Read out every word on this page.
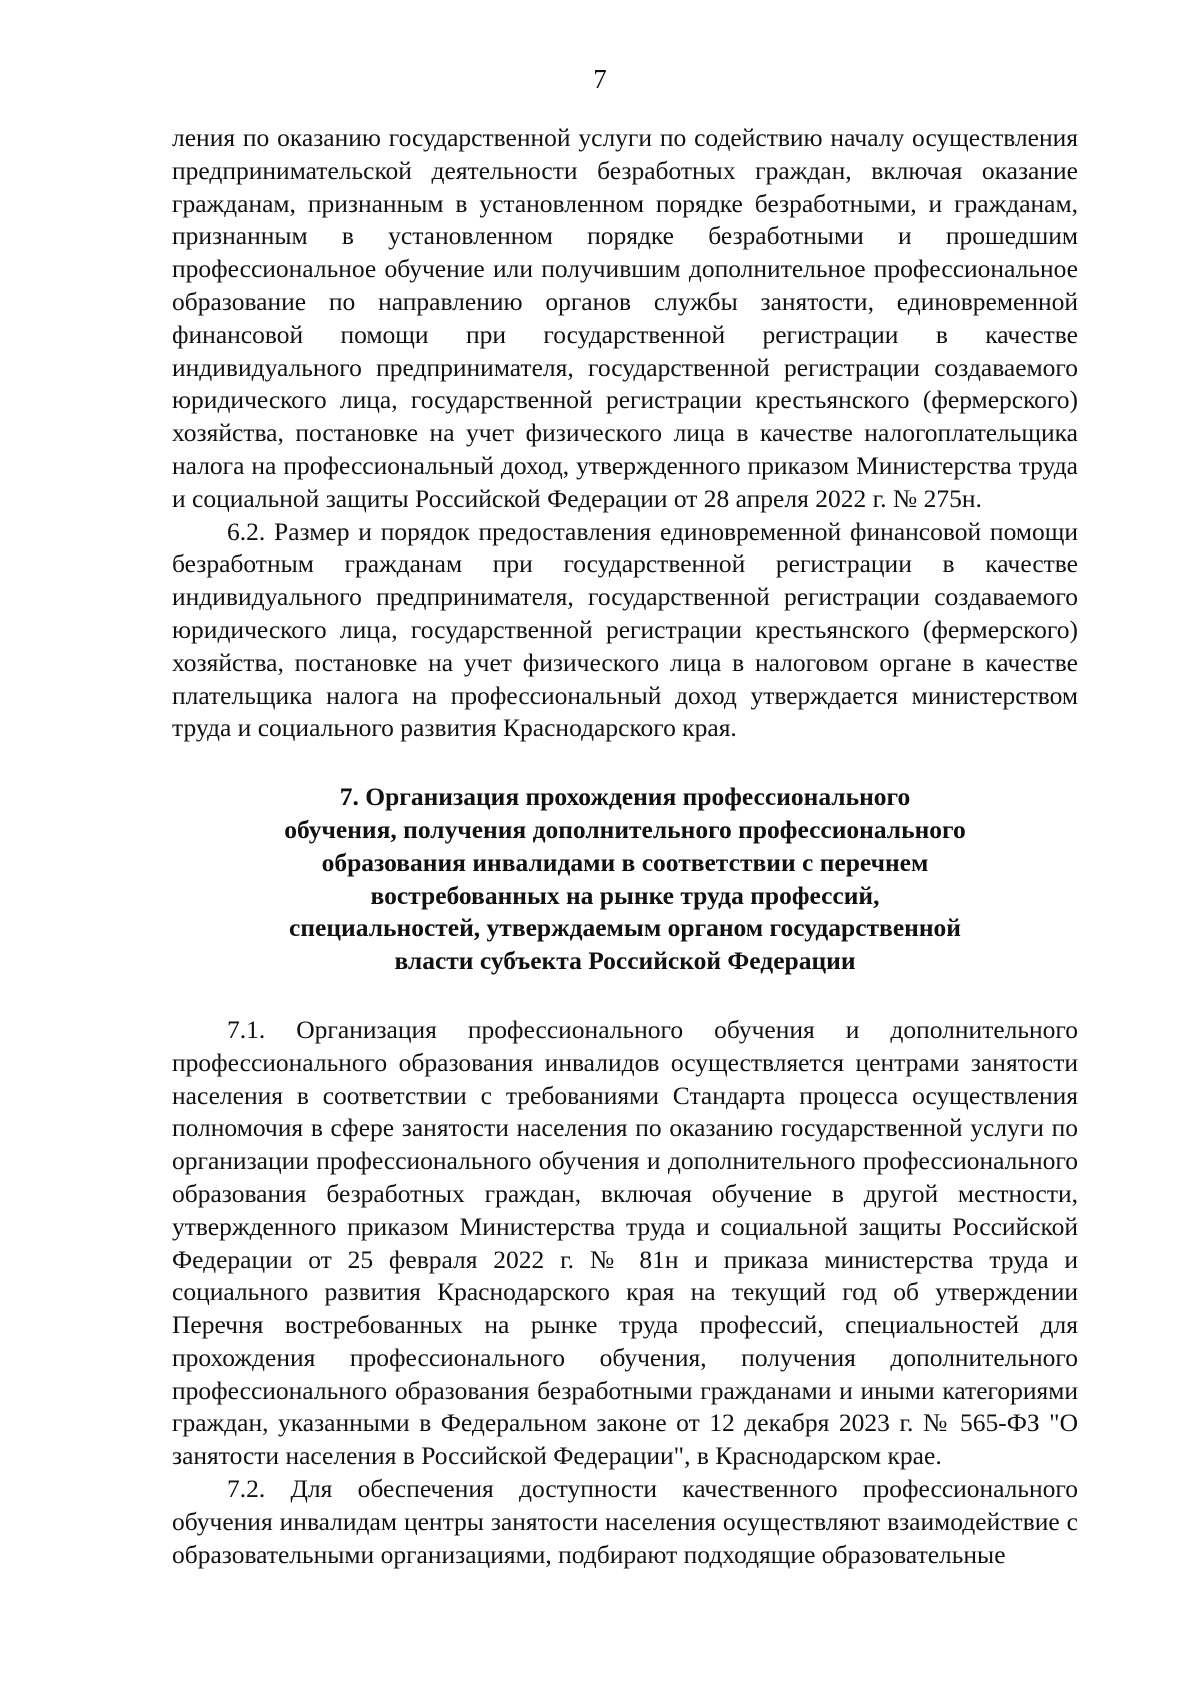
7

ления по оказанию государственной услуги по содействию началу осуществления предпринимательской деятельности безработных граждан, включая оказание гражданам, признанным в установленном порядке безработными, и гражданам, признанным в установленном порядке безработными и прошедшим профессиональное обучение или получившим дополнительное профессиональное образование по направлению органов службы занятости, единовременной финансовой помощи при государственной регистрации в качестве индивидуального предпринимателя, государственной регистрации создаваемого юридического лица, государственной регистрации крестьянского (фермерского) хозяйства, постановке на учет физического лица в качестве налогоплательщика налога на профессиональный доход, утвержденного приказом Министерства труда и социальной защиты Российской Федерации от 28 апреля 2022 г. № 275н.

6.2. Размер и порядок предоставления единовременной финансовой помощи безработным гражданам при государственной регистрации в качестве индивидуального предпринимателя, государственной регистрации создаваемого юридического лица, государственной регистрации крестьянского (фермерского) хозяйства, постановке на учет физического лица в налоговом органе в качестве плательщика налога на профессиональный доход утверждается министерством труда и социального развития Краснодарского края.

7. Организация прохождения профессионального
обучения, получения дополнительного профессионального
образования инвалидами в соответствии с перечнем
востребованных на рынке труда профессий,
специальностей, утверждаемым органом государственной
власти субъекта Российской Федерации

7.1. Организация профессионального обучения и дополнительного профессионального образования инвалидов осуществляется центрами занятости населения в соответствии с требованиями Стандарта процесса осуществления полномочия в сфере занятости населения по оказанию государственной услуги по организации профессионального обучения и дополнительного профессионального образования безработных граждан, включая обучение в другой местности, утвержденного приказом Министерства труда и социальной защиты Российской Федерации от 25 февраля 2022 г. № 81н и приказа министерства труда и социального развития Краснодарского края на текущий год об утверждении Перечня востребованных на рынке труда профессий, специальностей для прохождения профессионального обучения, получения дополнительного профессионального образования безработными гражданами и иными категориями граждан, указанными в Федеральном законе от 12 декабря 2023 г. № 565-ФЗ "О занятости населения в Российской Федерации", в Краснодарском крае.

7.2. Для обеспечения доступности качественного профессионального обучения инвалидам центры занятости населения осуществляют взаимодействие с образовательными организациями, подбирают подходящие образовательные
